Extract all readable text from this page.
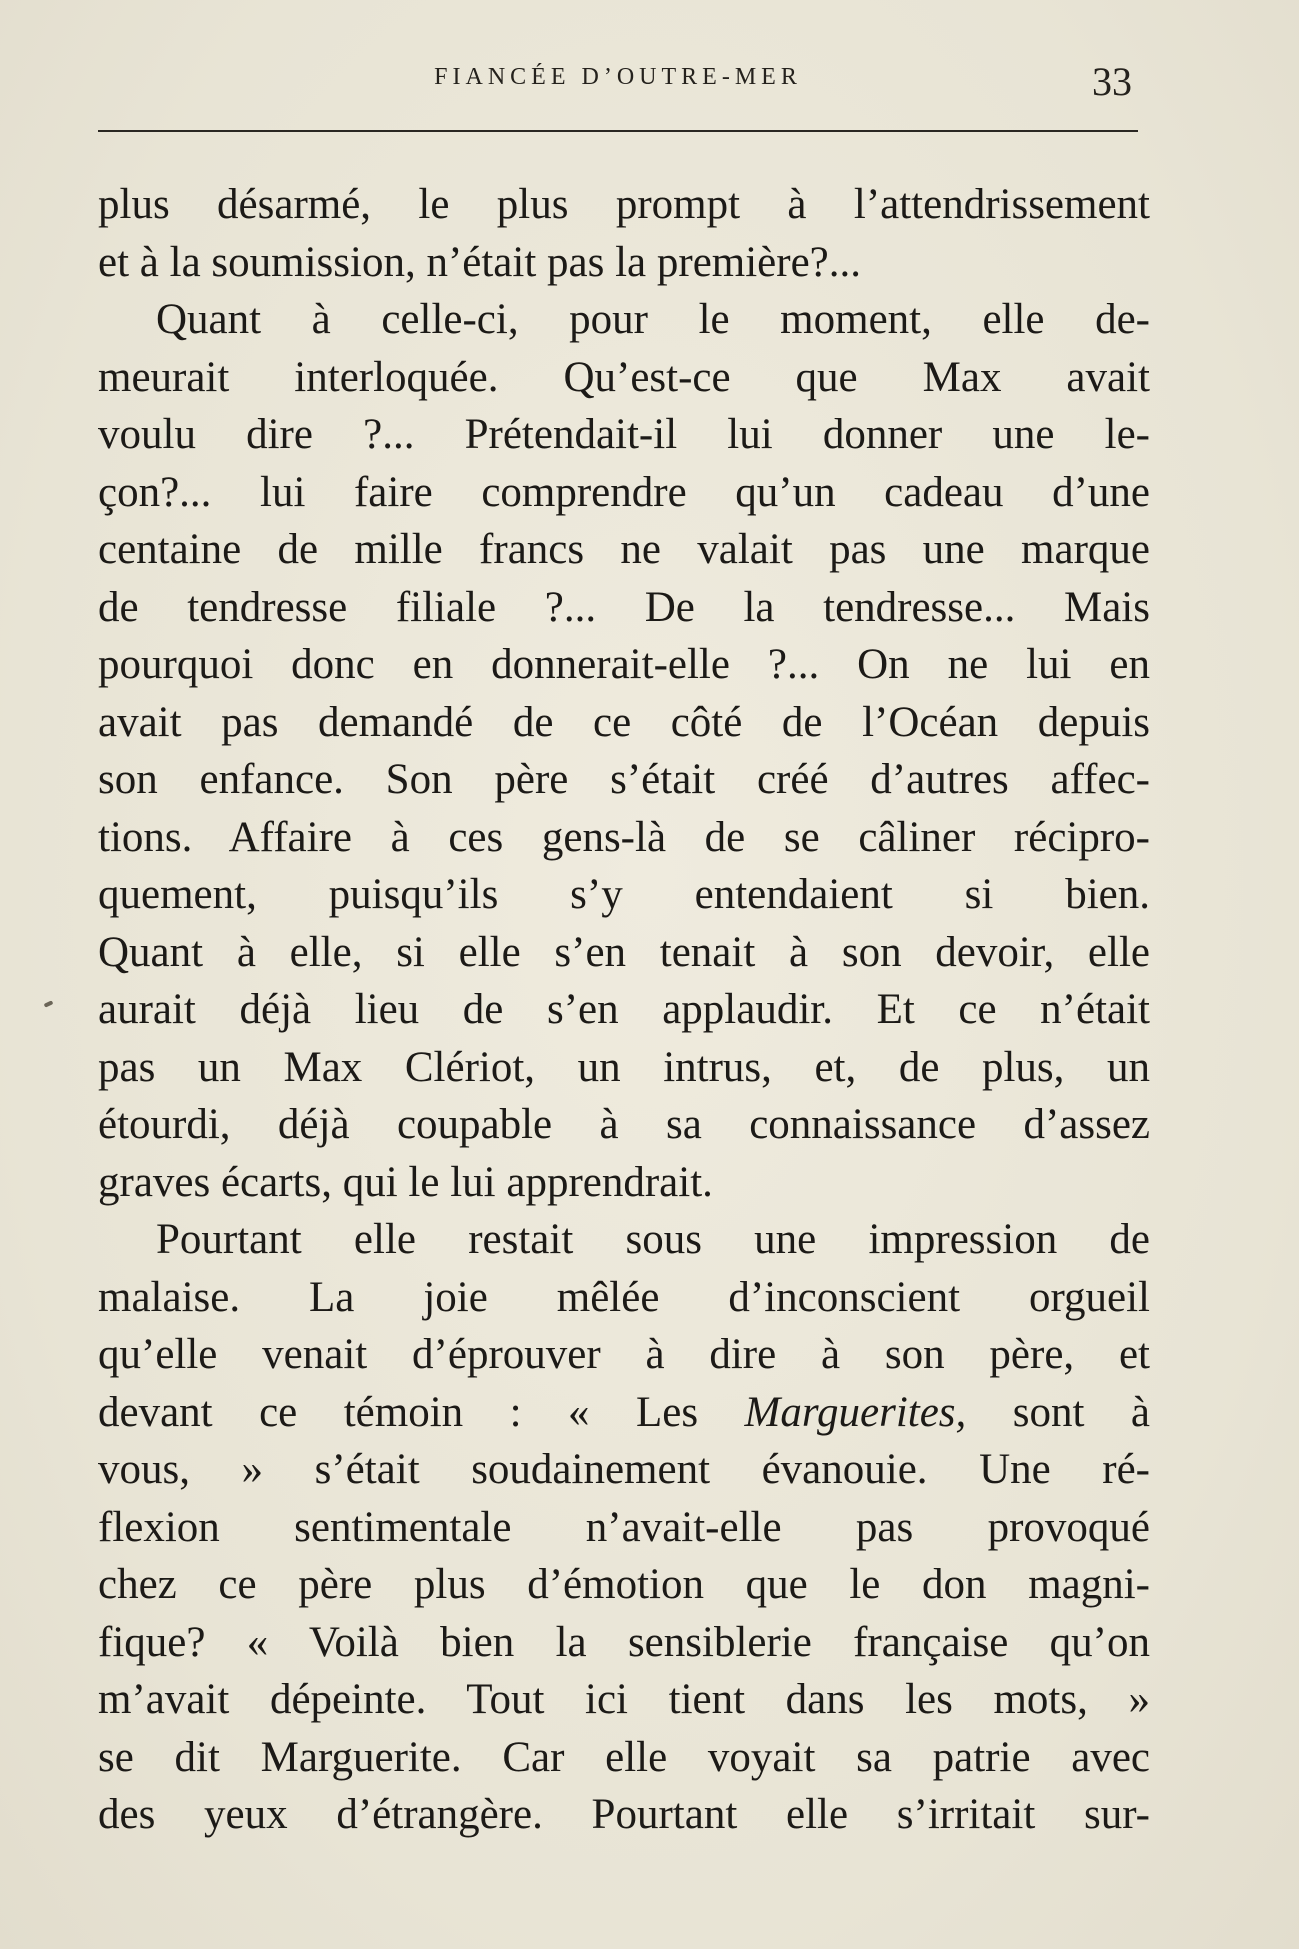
FIANCÉE D’OUTRE-MER	33
plus désarmé, le plus prompt à l’attendrissement
et à la soumission, n’était pas la première?...
Quant à celle-ci, pour le moment, elle de-
meurait interloquée. Qu’est-ce que Max avait
voulu dire ?... Prétendait-il lui donner une le-
çon?... lui faire comprendre qu’un cadeau d’une
centaine de mille francs ne valait pas une marque
de tendresse filiale ?... De la tendresse... Mais
pourquoi donc en donnerait-elle ?... On ne lui en
avait pas demandé de ce côté de l’Océan depuis
son enfance. Son père s’était créé d’autres affec-
tions. Affaire à ces gens-là de se câliner récipro-
quement, puisqu’ils s’y entendaient si bien.
Quant à elle, si elle s’en tenait à son devoir, elle
aurait déjà lieu de s’en applaudir. Et ce n’était
pas un Max Clériot, un intrus, et, de plus, un
étourdi, déjà coupable à sa connaissance d’assez
graves écarts, qui le lui apprendrait.
Pourtant elle restait sous une impression de
malaise. La joie mêlée d’inconscient orgueil
qu’elle venait d’éprouver à dire à son père, et
devant ce témoin : « Les Marguerites, sont à
vous, » s’était soudainement évanouie. Une ré-
flexion sentimentale n’avait-elle pas provoqué
chez ce père plus d’émotion que le don magni-
fique? « Voilà bien la sensiblerie française qu’on
m’avait dépeinte. Tout ici tient dans les mots, »
se dit Marguerite. Car elle voyait sa patrie avec
des yeux d’étrangère. Pourtant elle s’irritait sur-
